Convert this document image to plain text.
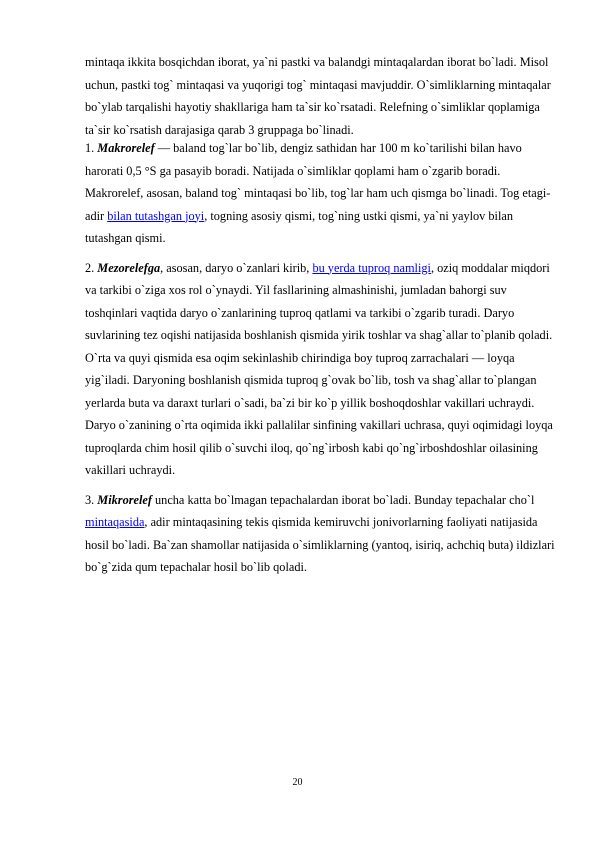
mintaqa ikkita bosqichdan iborat, ya`ni pastki va balandgi mintaqalardan iborat bo`ladi. Misol uchun, pastki tog` mintaqasi va yuqorigi tog` mintaqasi mavjuddir. O`simliklarning mintaqalar bo`ylab tarqalishi hayotiy shakllariga ham ta`sir ko`rsatadi. Relefning o`simliklar qoplamiga ta`sir ko`rsatish darajasiga qarab 3 gruppaga bo`linadi.

1. Makrorelef — baland tog`lar bo`lib, dengiz sathidan har 100 m ko`tarilishi bilan havo harorati 0,5 °S ga pasayib boradi. Natijada o`simliklar qoplami ham o`zgarib boradi. Makrorelef, asosan, baland tog` mintaqasi bo`lib, tog`lar ham uch qismga bo`linadi. Tog etagi-adir bilan tutashgan joyi, togning asosiy qismi, tog`ning ustki qismi, ya`ni yaylov bilan tutashgan qismi.

2. Mezorelefga, asosan, daryo o`zanlari kirib, bu yerda tuproq namligi, oziq moddalar miqdori va tarkibi o`ziga xos rol o`ynaydi. Yil fasllarining almashinishi, jumladan bahorgi suv toshqinlari vaqtida daryo o`zanlarining tuproq qatlami va tarkibi o`zgarib turadi. Daryo suvlarining tez oqishi natijasida boshlanish qismida yirik toshlar va shag`allar to`planib qoladi. O`rta va quyi qismida esa oqim sekinlashib chirindiga boy tuproq zarrachalari — loyqa yig`iladi. Daryoning boshlanish qismida tuproq g`ovak bo`lib, tosh va shag`allar to`plangan yerlarda buta va daraxt turlari o`sadi, ba`zi bir ko`p yillik boshoqdoshlar vakillari uchraydi. Daryo o`zanining o`rta oqimida ikki pallalilar sinfining vakillari uchrasa, quyi oqimidagi loyqa tuproqlarda chim hosil qilib o`suvchi iloq, qo`ng`irbosh kabi qo`ng`irboshdoshlar oilasining vakillari uchraydi.

3. Mikrorelef uncha katta bo`lmagan tepachalardan iborat bo`ladi. Bunday tepachalar cho`l mintaqasida, adir mintaqasining tekis qismida kemiruvchi jonivorlarning faoliyati natijasida hosil bo`ladi. Ba`zan shamollar natijasida o`simliklarning (yantoq, isiriq, achchiq buta) ildizlari bo`g`zida qum tepachalar hosil bo`lib qoladi.

20
